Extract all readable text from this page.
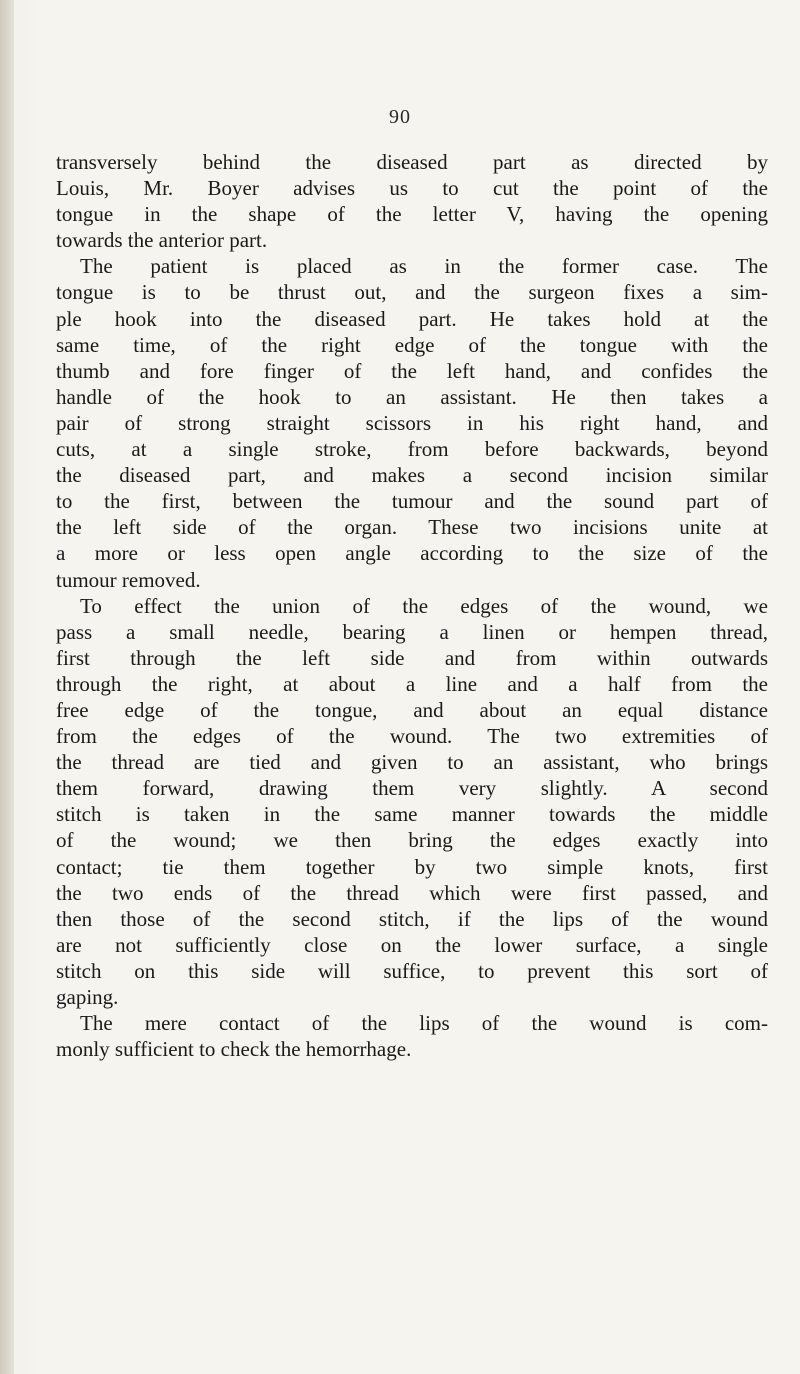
90
transversely behind the diseased part as directed by
Louis, Mr. Boyer advises us to cut the point of the
tongue in the shape of the letter V, having the opening
towards the anterior part.
The patient is placed as in the former case. The
tongue is to be thrust out, and the surgeon fixes a sim-
ple hook into the diseased part. He takes hold at the
same time, of the right edge of the tongue with the
thumb and fore finger of the left hand, and confides the
handle of the hook to an assistant. He then takes a
pair of strong straight scissors in his right hand, and
cuts, at a single stroke, from before backwards, beyond
the diseased part, and makes a second incision similar
to the first, between the tumour and the sound part of
the left side of the organ. These two incisions unite at
a more or less open angle according to the size of the
tumour removed.
To effect the union of the edges of the wound, we
pass a small needle, bearing a linen or hempen thread,
first through the left side and from within outwards
through the right, at about a line and a half from the
free edge of the tongue, and about an equal distance
from the edges of the wound. The two extremities of
the thread are tied and given to an assistant, who brings
them forward, drawing them very slightly. A second
stitch is taken in the same manner towards the middle
of the wound; we then bring the edges exactly into
contact; tie them together by two simple knots, first
the two ends of the thread which were first passed, and
then those of the second stitch, if the lips of the wound
are not sufficiently close on the lower surface, a single
stitch on this side will suffice, to prevent this sort of
gaping.
The mere contact of the lips of the wound is com-
monly sufficient to check the hemorrhage.
